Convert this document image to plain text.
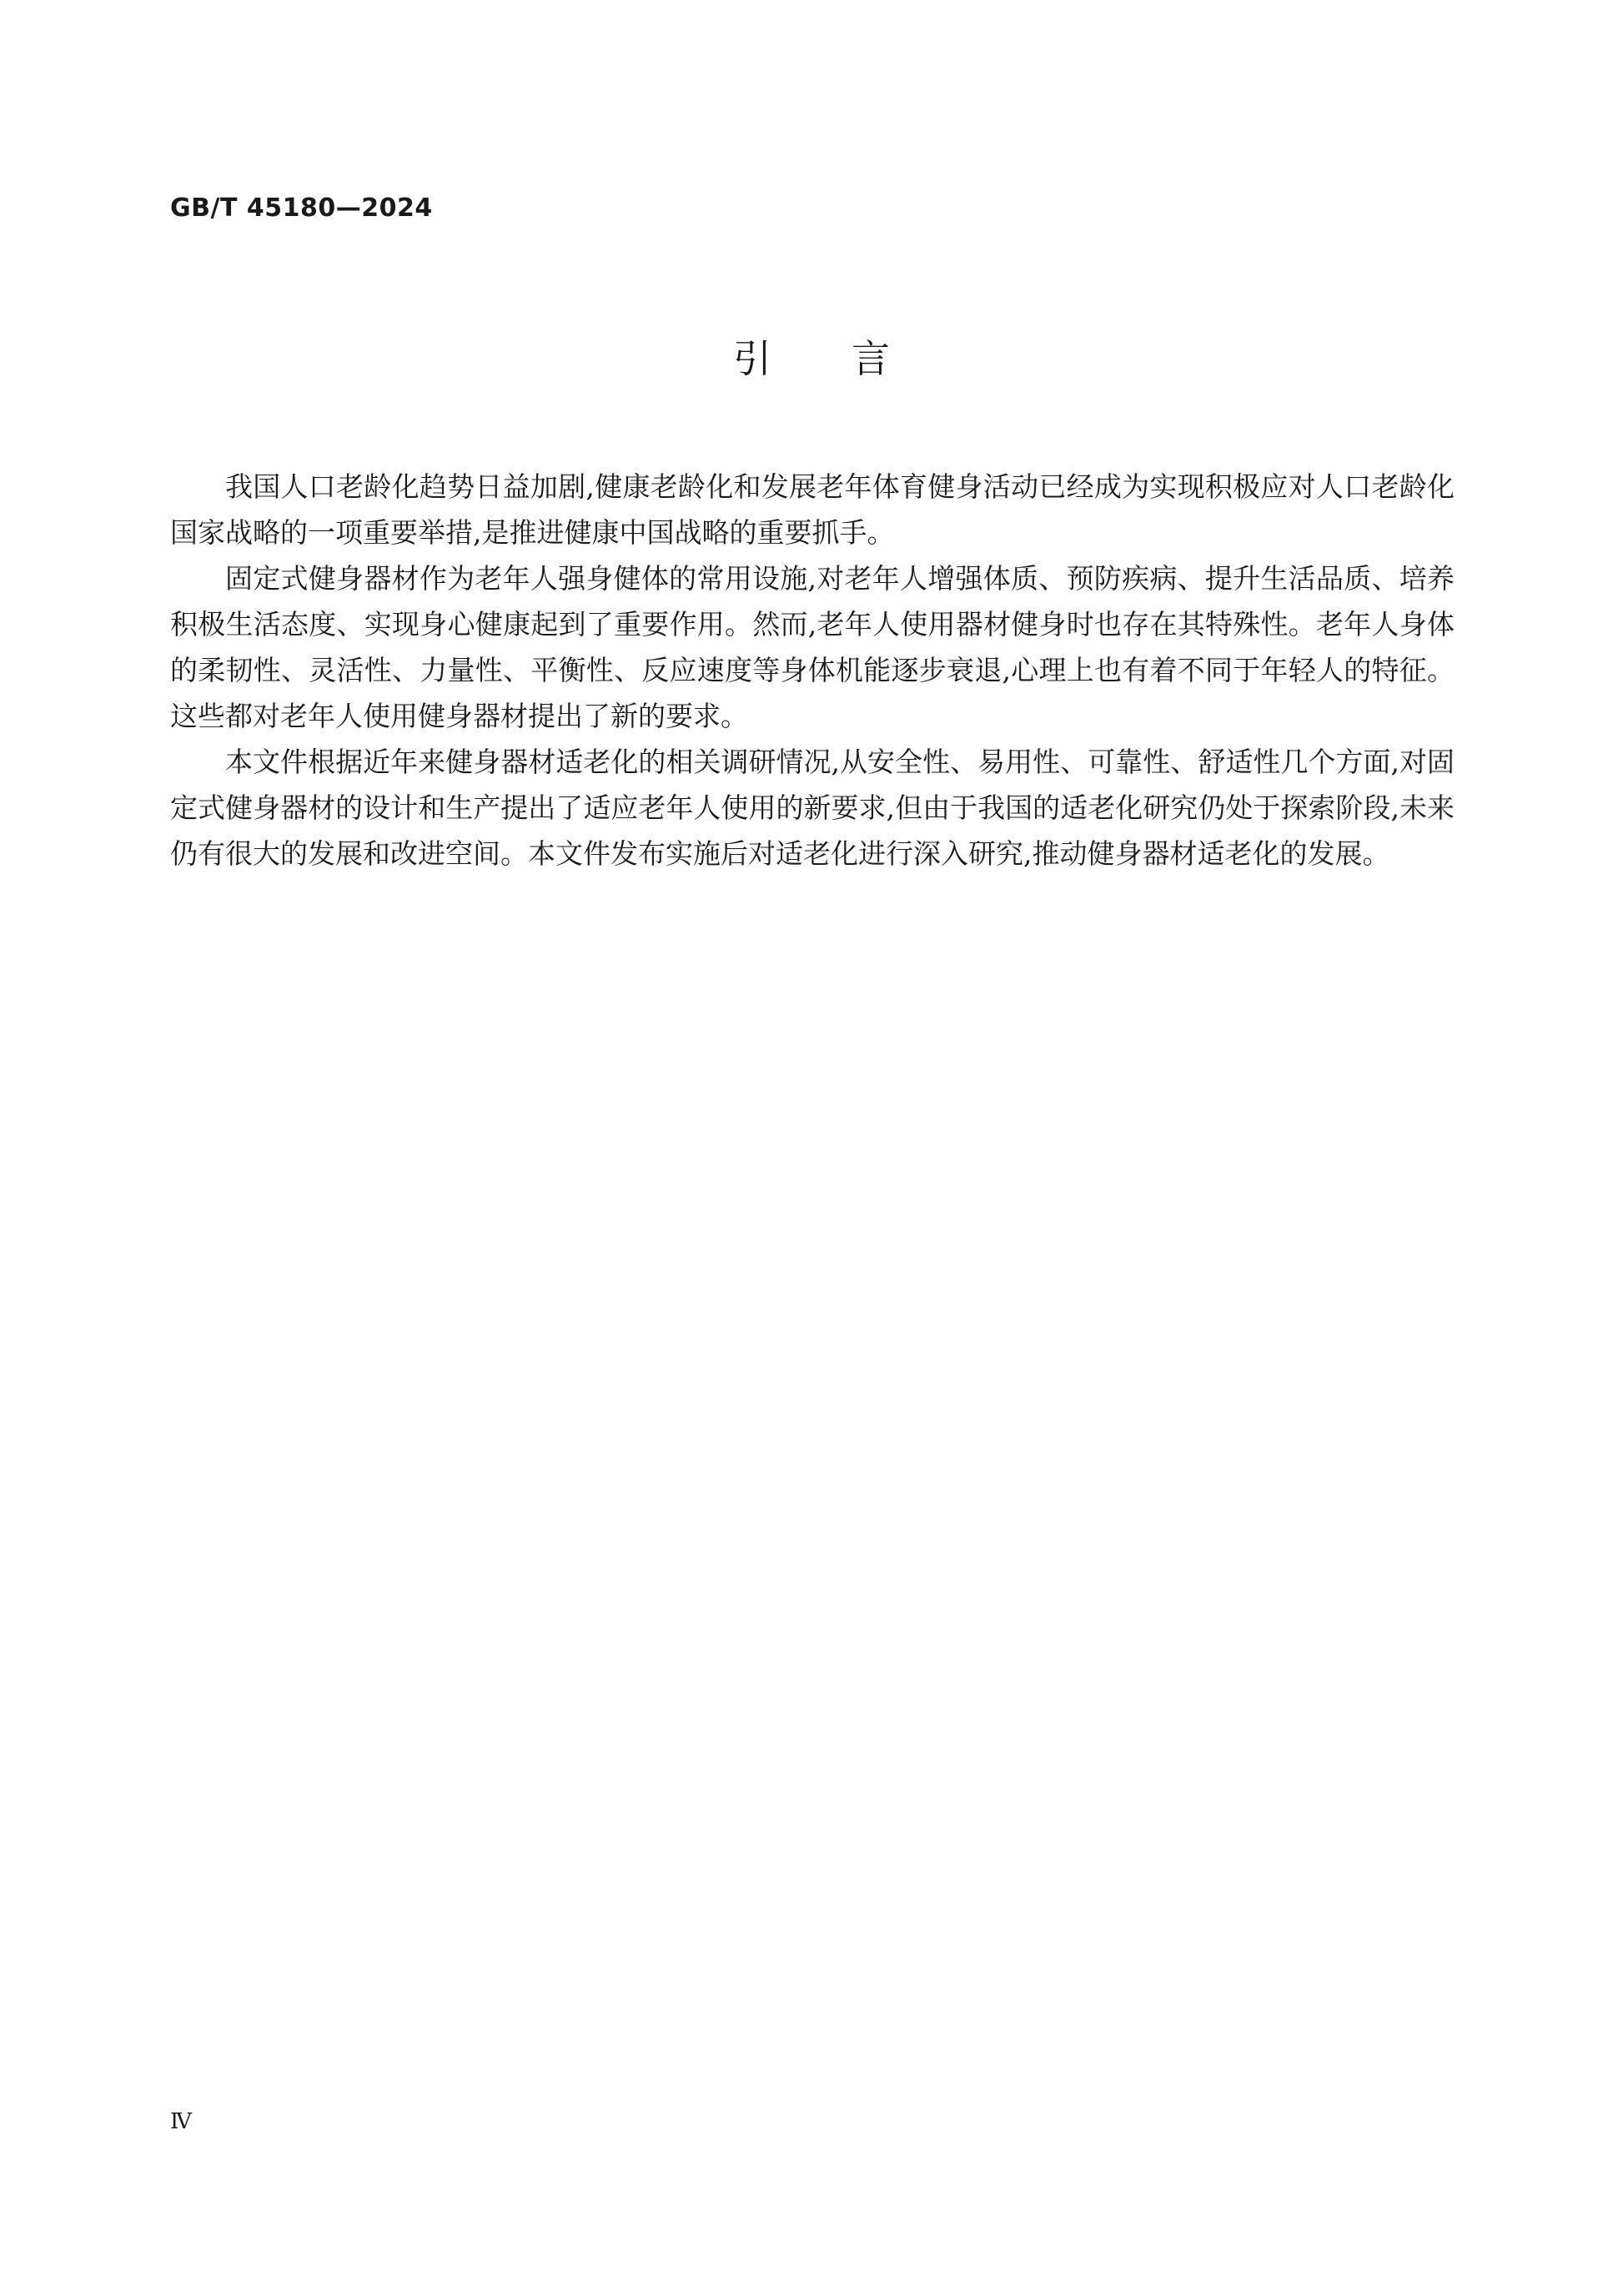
GB/T 45180—2024
引 言

我国人口老龄化趋势日益加剧,健康老龄化和发展老年体育健身活动已经成为实现积极应对人口老龄化国家战略的一项重要举措,是推进健康中国战略的重要抓手。

固定式健身器材作为老年人强身健体的常用设施,对老年人增强体质、预防疾病、提升生活品质、培养积极生活态度、实现身心健康起到了重要作用。然而,老年人使用器材健身时也存在其特殊性。老年人身体的柔韧性、灵活性、力量性、平衡性、反应速度等身体机能逐步衰退,心理上也有着不同于年轻人的特征。这些都对老年人使用健身器材提出了新的要求。

本文件根据近年来健身器材适老化的相关调研情况,从安全性、易用性、可靠性、舒适性几个方面,对固定式健身器材的设计和生产提出了适应老年人使用的新要求,但由于我国的适老化研究仍处于探索阶段,未来仍有很大的发展和改进空间。本文件发布实施后对适老化进行深入研究,推动健身器材适老化的发展。

Ⅳ
